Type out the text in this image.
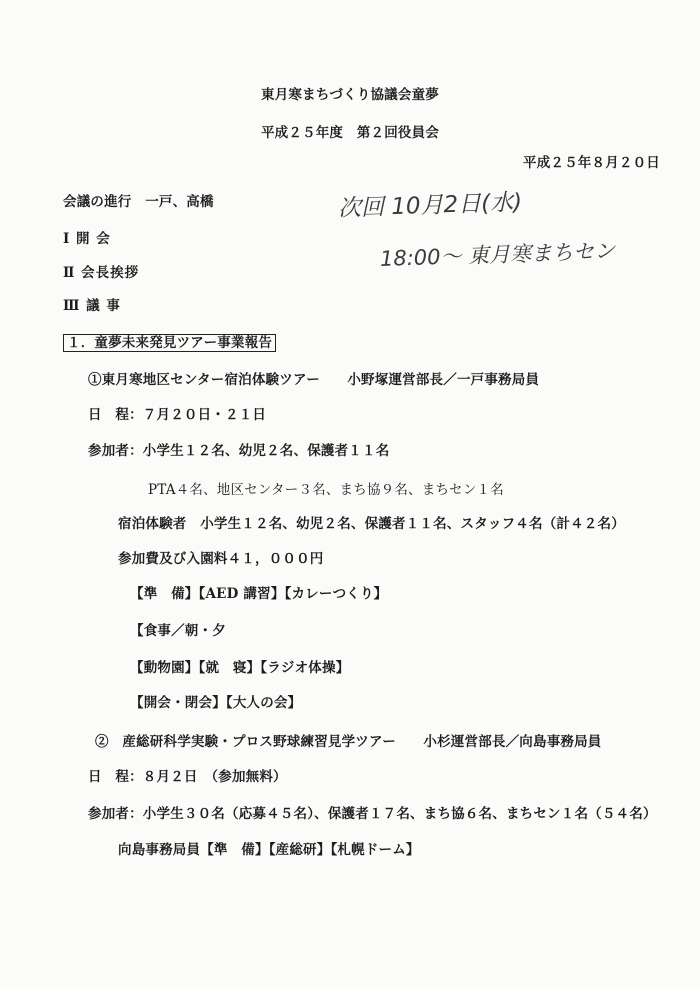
東月寒まちづくり協議会童夢

平成２５年度　第２回役員会

平成２５年８月２０日

会議の進行　一戸、高橋	次回 10月2日(水)

18:00～ 東月寒まちセン

Ⅰ 開 会

Ⅱ 会長挨拶

Ⅲ 議 事

１．童夢未来発見ツアー事業報告

①東月寒地区センター宿泊体験ツアー　　小野塚運営部長／一戸事務局員

日　程：７月２０日・２１日

参加者：小学生１２名、幼児２名、保護者１１名

PTA４名、地区センター３名、まち協９名、まちセン１名

宿泊体験者　小学生１２名、幼児２名、保護者１１名、スタッフ４名（計４２名）

参加費及び入園料４１，０００円

【準　備】【AED 講習】【カレーつくり】

【食事／朝・夕

【動物園】【就　寝】【ラジオ体操】

【開会・閉会】【大人の会】

②　産総研科学実験・プロス野球練習見学ツアー　　小杉運営部長／向島事務局員

日　程：８月２日　（参加無料）

参加者：小学生３０名（応募４５名）、保護者１７名、まち協６名、まちセン１名（５４名）

向島事務局員【準　備】【産総研】【札幌ドーム】
